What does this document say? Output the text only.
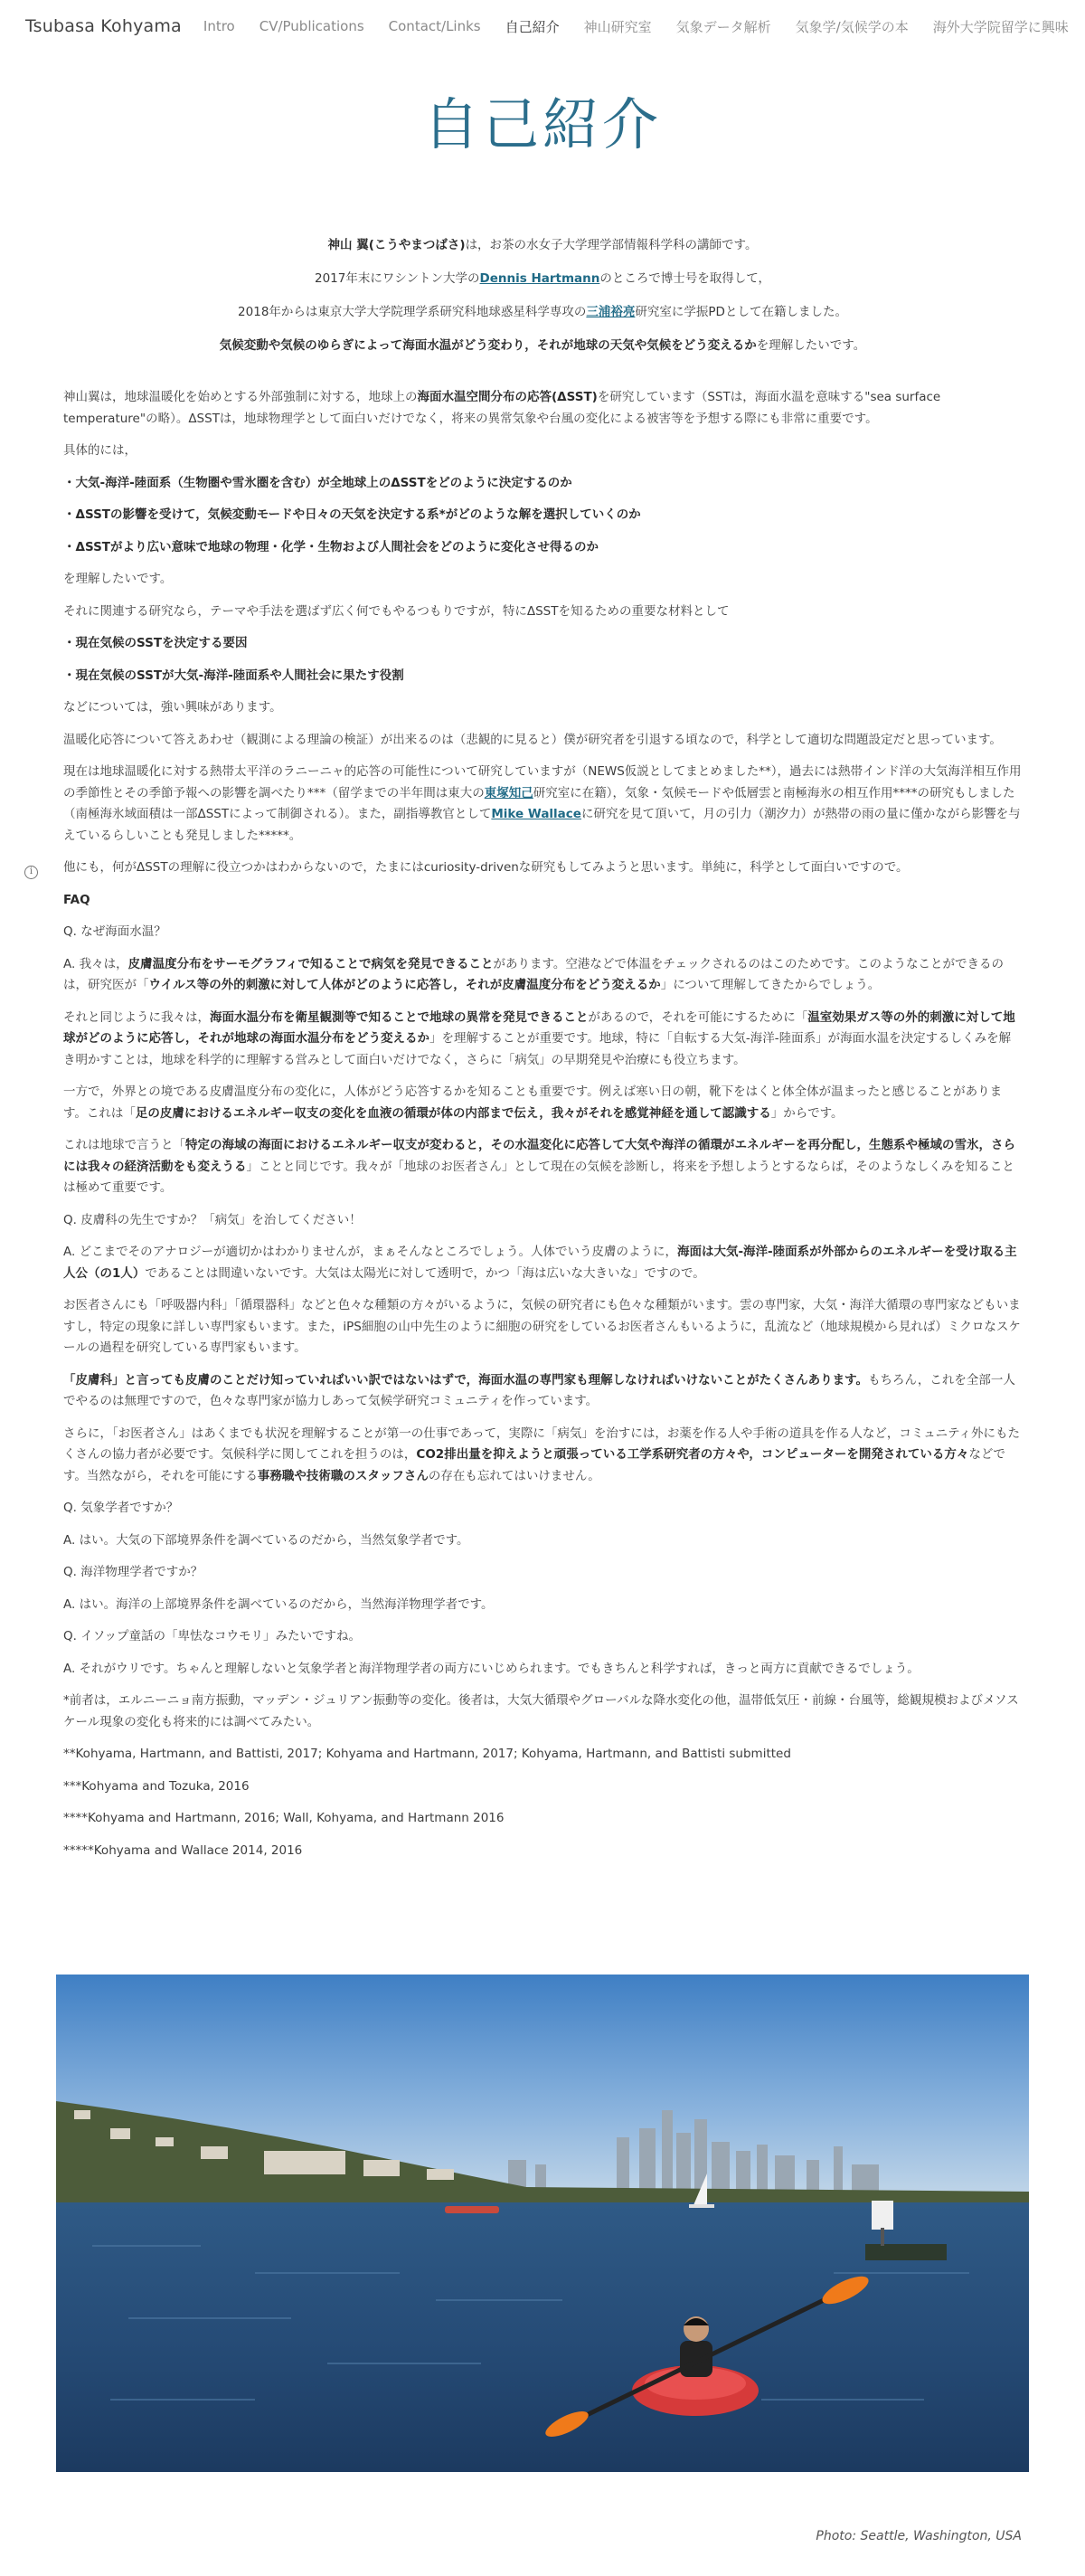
Tsubasa Kohyama Intro CV/Publications Contact/Links 自己紹介 神山研究室 気象データ解析 気象学/気候学の本 海外大学院留学に興味
自己紹介

神山 翼(こうやまつばさ)は，お茶の水女子大学理学部情報科学科の講師です。

2017年末にワシントン大学のDennis Hartmannのところで博士号を取得して，

2018年からは東京大学大学院理学系研究科地球惑星科学専攻の三浦裕亮研究室に学振PDとして在籍しました。

気候変動や気候のゆらぎによって海面水温がどう変わり，それが地球の天気や気候をどう変えるかを理解したいです。

i

神山翼は，地球温暖化を始めとする外部強制に対する，地球上の海面水温空間分布の応答(ΔSST)を研究しています（SSTは，海面水温を意味する"sea surface temperature"の略）。ΔSSTは，地球物理学として面白いだけでなく，将来の異常気象や台風の変化による被害等を予想する際にも非常に重要です。

具体的には，

・大気-海洋-陸面系（生物圏や雪氷圏を含む）が全地球上のΔSSTをどのように決定するのか

・ΔSSTの影響を受けて，気候変動モードや日々の天気を決定する系*がどのような解を選択していくのか

・ΔSSTがより広い意味で地球の物理・化学・生物および人間社会をどのように変化させ得るのか

を理解したいです。

それに関連する研究なら，テーマや手法を選ばず広く何でもやるつもりですが，特にΔSSTを知るための重要な材料として

・現在気候のSSTを決定する要因

・現在気候のSSTが大気-海洋-陸面系や人間社会に果たす役割

などについては，強い興味があります。

温暖化応答について答えあわせ（観測による理論の検証）が出来るのは（悲観的に見ると）僕が研究者を引退する頃なので，科学として適切な問題設定だと思っています。

現在は地球温暖化に対する熱帯太平洋のラニーニャ的応答の可能性について研究していますが（NEWS仮説としてまとめました**），過去には熱帯インド洋の大気海洋相互作用の季節性とその季節予報への影響を調べたり***（留学までの半年間は東大の東塚知己研究室に在籍），気象・気候モードや低層雲と南極海氷の相互作用****の研究もしました（南極海氷域面積は一部ΔSSTによって制御される）。また，副指導教官としてMike Wallaceに研究を見て頂いて，月の引力（潮汐力）が熱帯の雨の量に僅かながら影響を与えているらしいことも発見しました*****。

他にも，何がΔSSTの理解に役立つかはわからないので，たまにはcuriosity-drivenな研究もしてみようと思います。単純に，科学として面白いですので。

FAQ

Q. なぜ海面水温？

A. 我々は，皮膚温度分布をサーモグラフィで知ることで病気を発見できることがあります。空港などで体温をチェックされるのはこのためです。このようなことができるのは，研究医が「ウイルス等の外的刺激に対して人体がどのように応答し，それが皮膚温度分布をどう変えるか」について理解してきたからでしょう。

それと同じように我々は，海面水温分布を衛星観測等で知ることで地球の異常を発見できることがあるので，それを可能にするために「温室効果ガス等の外的刺激に対して地球がどのように応答し，それが地球の海面水温分布をどう変えるか」を理解することが重要です。地球，特に「自転する大気-海洋-陸面系」が海面水温を決定するしくみを解き明かすことは，地球を科学的に理解する営みとして面白いだけでなく，さらに「病気」の早期発見や治療にも役立ちます。

一方で，外界との境である皮膚温度分布の変化に，人体がどう応答するかを知ることも重要です。例えば寒い日の朝，靴下をはくと体全体が温まったと感じることがあります。これは「足の皮膚におけるエネルギー収支の変化を血液の循環が体の内部まで伝え，我々がそれを感覚神経を通して認識する」からです。

これは地球で言うと「特定の海域の海面におけるエネルギー収支が変わると，その水温変化に応答して大気や海洋の循環がエネルギーを再分配し，生態系や極域の雪氷，さらには我々の経済活動をも変えうる」ことと同じです。我々が「地球のお医者さん」として現在の気候を診断し，将来を予想しようとするならば，そのようなしくみを知ることは極めて重要です。

Q. 皮膚科の先生ですか？「病気」を治してください！

A. どこまでそのアナロジーが適切かはわかりませんが，まぁそんなところでしょう。人体でいう皮膚のように，海面は大気-海洋-陸面系が外部からのエネルギーを受け取る主人公（の1人）であることは間違いないです。大気は太陽光に対して透明で，かつ「海は広いな大きいな」ですので。

お医者さんにも「呼吸器内科」「循環器科」などと色々な種類の方々がいるように，気候の研究者にも色々な種類がいます。雲の専門家，大気・海洋大循環の専門家などもいますし，特定の現象に詳しい専門家もいます。また，iPS細胞の山中先生のように細胞の研究をしているお医者さんもいるように，乱流など（地球規模から見れば）ミクロなスケールの過程を研究している専門家もいます。

「皮膚科」と言っても皮膚のことだけ知っていればいい訳ではないはずで，海面水温の専門家も理解しなければいけないことがたくさんあります。もちろん，これを全部一人でやるのは無理ですので，色々な専門家が協力しあって気候学研究コミュニティを作っています。

さらに，「お医者さん」はあくまでも状況を理解することが第一の仕事であって，実際に「病気」を治すには，お薬を作る人や手術の道具を作る人など，コミュニティ外にもたくさんの協力者が必要です。気候科学に関してこれを担うのは，CO2排出量を抑えようと頑張っている工学系研究者の方々や，コンピューターを開発されている方々などです。当然ながら，それを可能にする事務職や技術職のスタッフさんの存在も忘れてはいけません。

Q. 気象学者ですか？

A. はい。大気の下部境界条件を調べているのだから，当然気象学者です。

Q. 海洋物理学者ですか？

A. はい。海洋の上部境界条件を調べているのだから，当然海洋物理学者です。

Q. イソップ童話の「卑怯なコウモリ」みたいですね。

A. それがウリです。ちゃんと理解しないと気象学者と海洋物理学者の両方にいじめられます。でもきちんと科学すれば，きっと両方に貢献できるでしょう。

*前者は，エルニーニョ南方振動，マッデン・ジュリアン振動等の変化。後者は，大気大循環やグローバルな降水変化の他，温帯低気圧・前線・台風等，総観規模およびメソスケール現象の変化も将来的には調べてみたい。

**Kohyama, Hartmann, and Battisti, 2017; Kohyama and Hartmann, 2017; Kohyama, Hartmann, and Battisti submitted

***Kohyama and Tozuka, 2016

****Kohyama and Hartmann, 2016; Wall, Kohyama, and Hartmann 2016

*****Kohyama and Wallace 2014, 2016

Photo: Seattle, Washington, USA
